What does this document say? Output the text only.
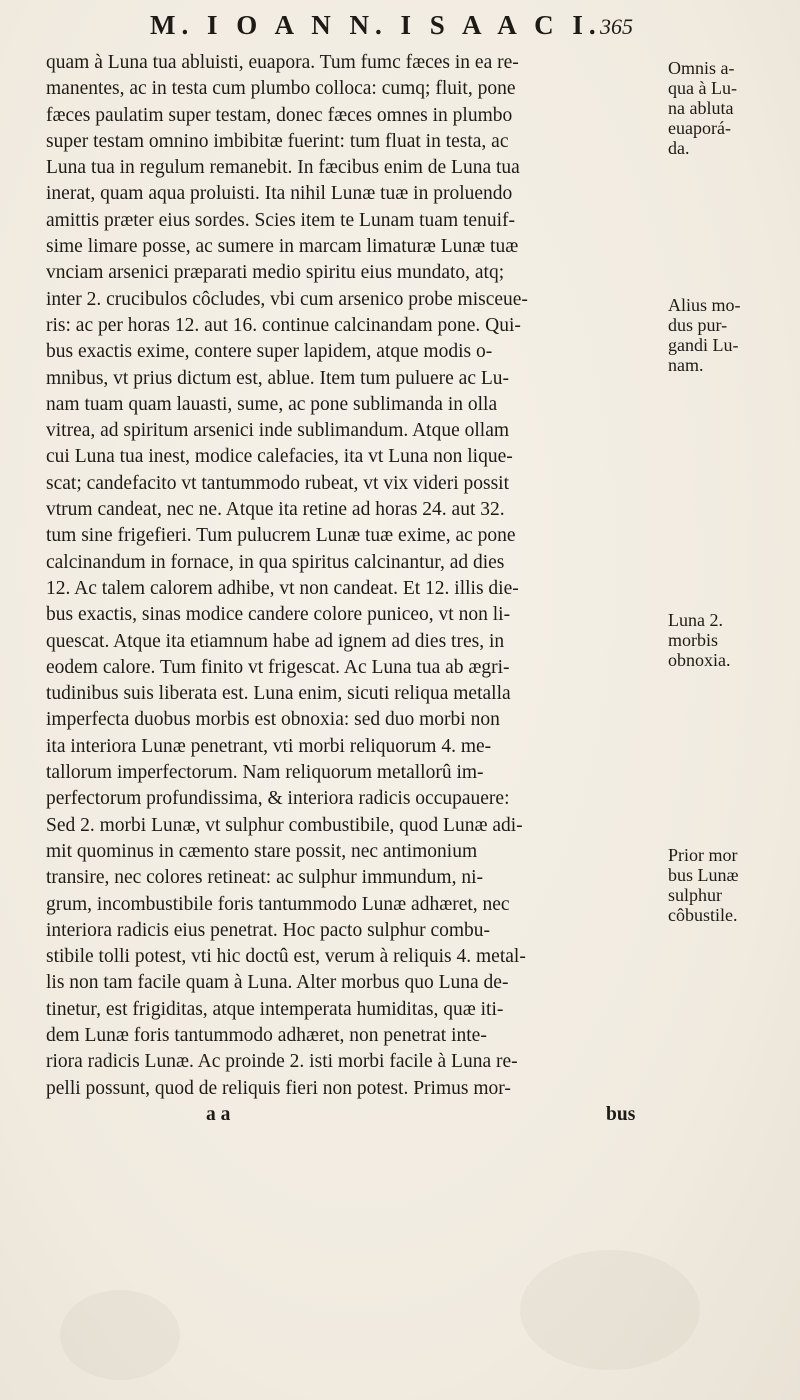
M. I O A N N. I S A A C I.
365
quam à Luna tua abluisti, euapora. Tum fumc fæces in ea re-
manentes, ac in testa cum plumbo colloca: cumq; fluit, pone
fæces paulatim super testam, donec fæces omnes in plumbo
super testam omnino imbibitæ fuerint: tum fluat in testa, ac
Luna tua in regulum remanebit. In fæcibus enim de Luna tua
inerat, quam aqua proluisti. Ita nihil Lunæ tuæ in proluendo
amittis præter eius sordes. Scies item te Lunam tuam tenuif-
sime limare posse, ac sumere in marcam limaturæ Lunæ tuæ
vnciam arsenici præparati medio spiritu eius mundato, atq;
inter 2. crucibulos côcludes, vbi cum arsenico probe misceue-
ris: ac per horas 12. aut 16. continue calcinandam pone. Qui-
bus exactis exime, contere super lapidem, atque modis o-
mnibus, vt prius dictum est, ablue. Item tum puluere ac Lu-
nam tuam quam lauasti, sume, ac pone sublimanda in olla
vitrea, ad spiritum arsenici inde sublimandum. Atque ollam
cui Luna tua inest, modice calefacies, ita vt Luna non lique-
scat; candefacito vt tantummodo rubeat, vt vix videri possit
vtrum candeat, nec ne. Atque ita retine ad horas 24. aut 32.
tum sine frigefieri. Tum pulucrem Lunæ tuæ exime, ac pone
calcinandum in fornace, in qua spiritus calcinantur, ad dies
12. Ac talem calorem adhibe, vt non candeat. Et 12. illis die-
bus exactis, sinas modice candere colore puniceo, vt non li-
quescat. Atque ita etiamnum habe ad ignem ad dies tres, in
eodem calore. Tum finito vt frigescat. Ac Luna tua ab ægri-
tudinibus suis liberata est. Luna enim, sicuti reliqua metalla
imperfecta duobus morbis est obnoxia: sed duo morbi non
ita interiora Lunæ penetrant, vti morbi reliquorum 4. me-
tallorum imperfectorum. Nam reliquorum metallorû im-
perfectorum profundissima, & interiora radicis occupauere:
Sed 2. morbi Lunæ, vt sulphur combustibile, quod Lunæ adi-
mit quominus in cæmento stare possit, nec antimonium
transire, nec colores retineat: ac sulphur immundum, ni-
grum, incombustibile foris tantummodo Lunæ adhæret, nec
interiora radicis eius penetrat. Hoc pacto sulphur combu-
stibile tolli potest, vti hic doctû est, verum à reliquis 4. metal-
lis non tam facile quam à Luna. Alter morbus quo Luna de-
tinetur, est frigiditas, atque intemperata humiditas, quæ iti-
dem Lunæ foris tantummodo adhæret, non penetrat inte-
riora radicis Lunæ. Ac proinde 2. isti morbi facile à Luna re-
pelli possunt, quod de reliquis fieri non potest. Primus mor-
a a	bus
Omnis a-
qua à Lu-
na abluta
euaporá-
da.
Alius mo-
dus pur-
gandi Lu-
nam.
Luna 2.
morbis
obnoxia.
Prior mor
bus Lunæ
sulphur
côbustile.
